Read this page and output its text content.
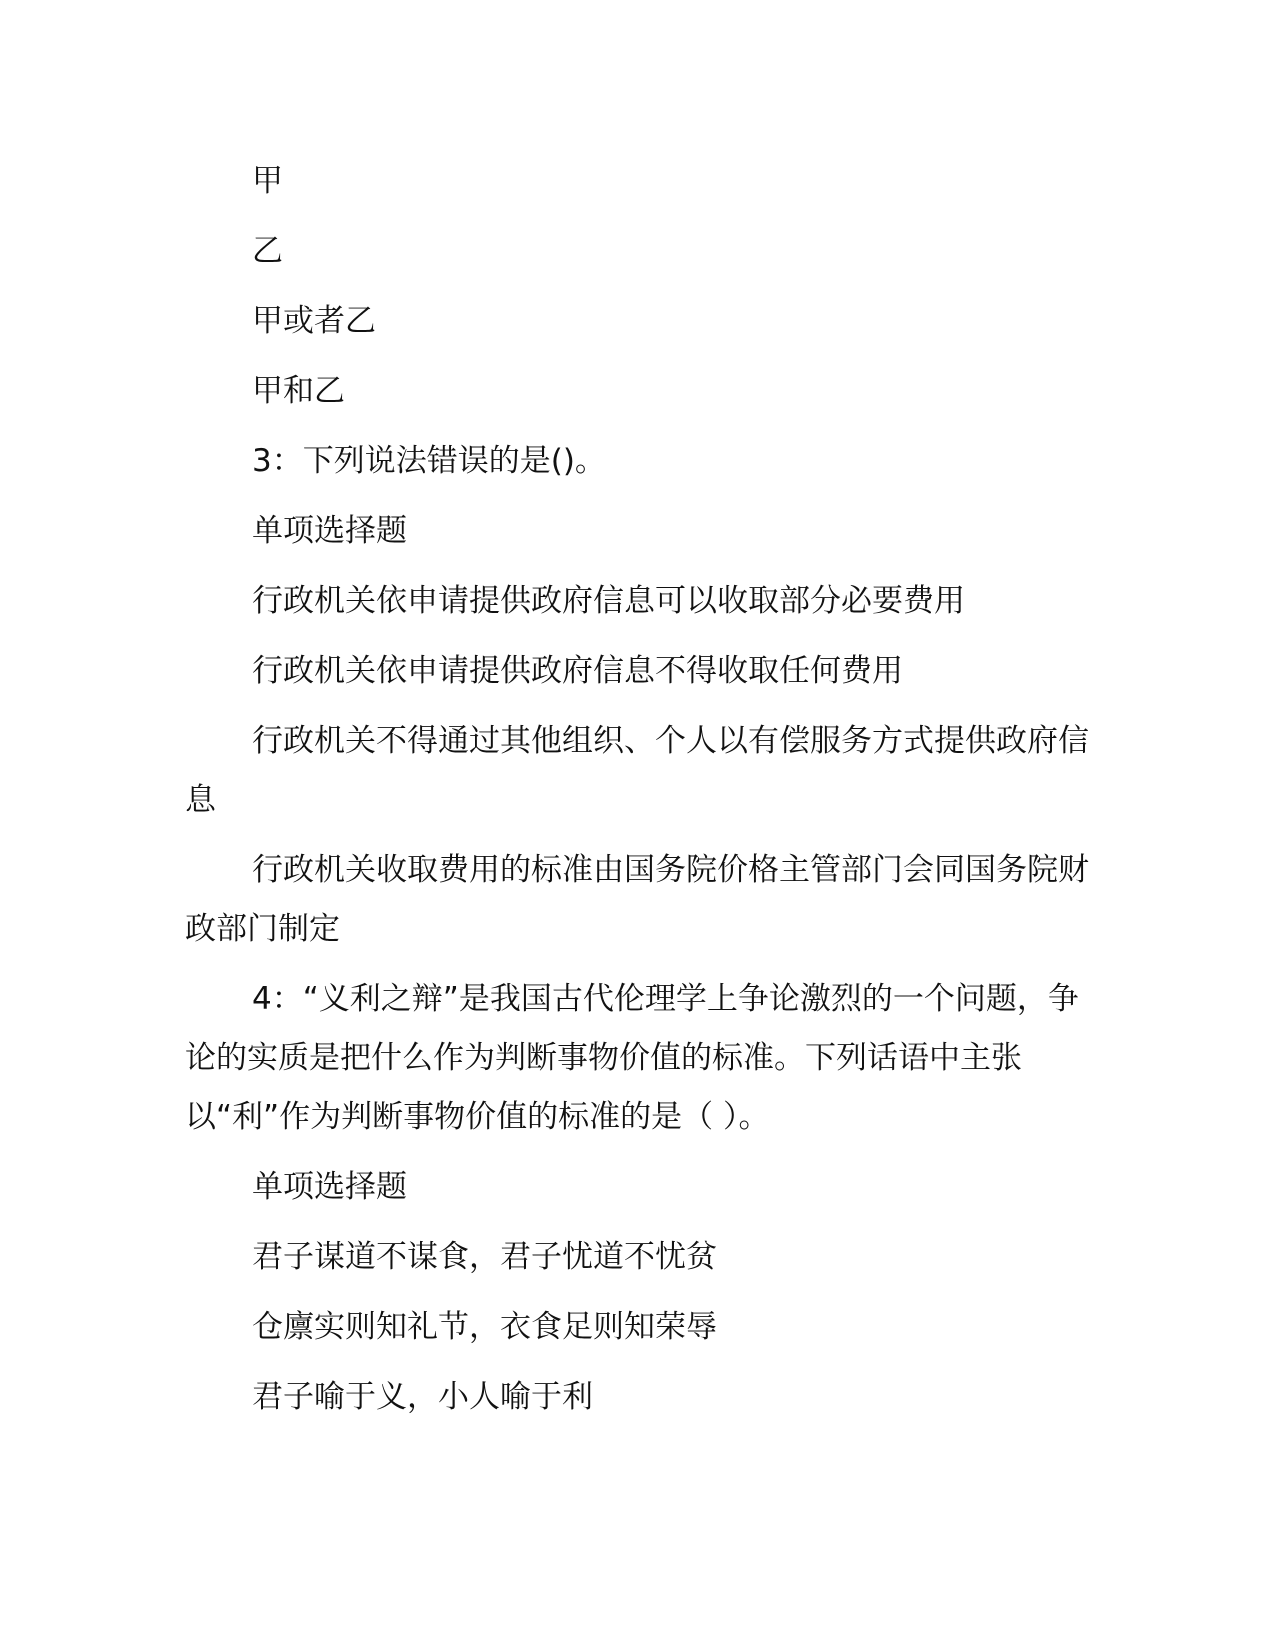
甲

乙

甲或者乙

甲和乙

3：下列说法错误的是()。

单项选择题

行政机关依申请提供政府信息可以收取部分必要费用

行政机关依申请提供政府信息不得收取任何费用

行政机关不得通过其他组织、个人以有偿服务方式提供政府信息

行政机关收取费用的标准由国务院价格主管部门会同国务院财政部门制定

4：“义利之辩”是我国古代伦理学上争论激烈的一个问题，争论的实质是把什么作为判断事物价值的标准。下列话语中主张以“利”作为判断事物价值的标准的是（ ）。

单项选择题

君子谋道不谋食，君子忧道不忧贫

仓廪实则知礼节，衣食足则知荣辱

君子喻于义，小人喻于利
